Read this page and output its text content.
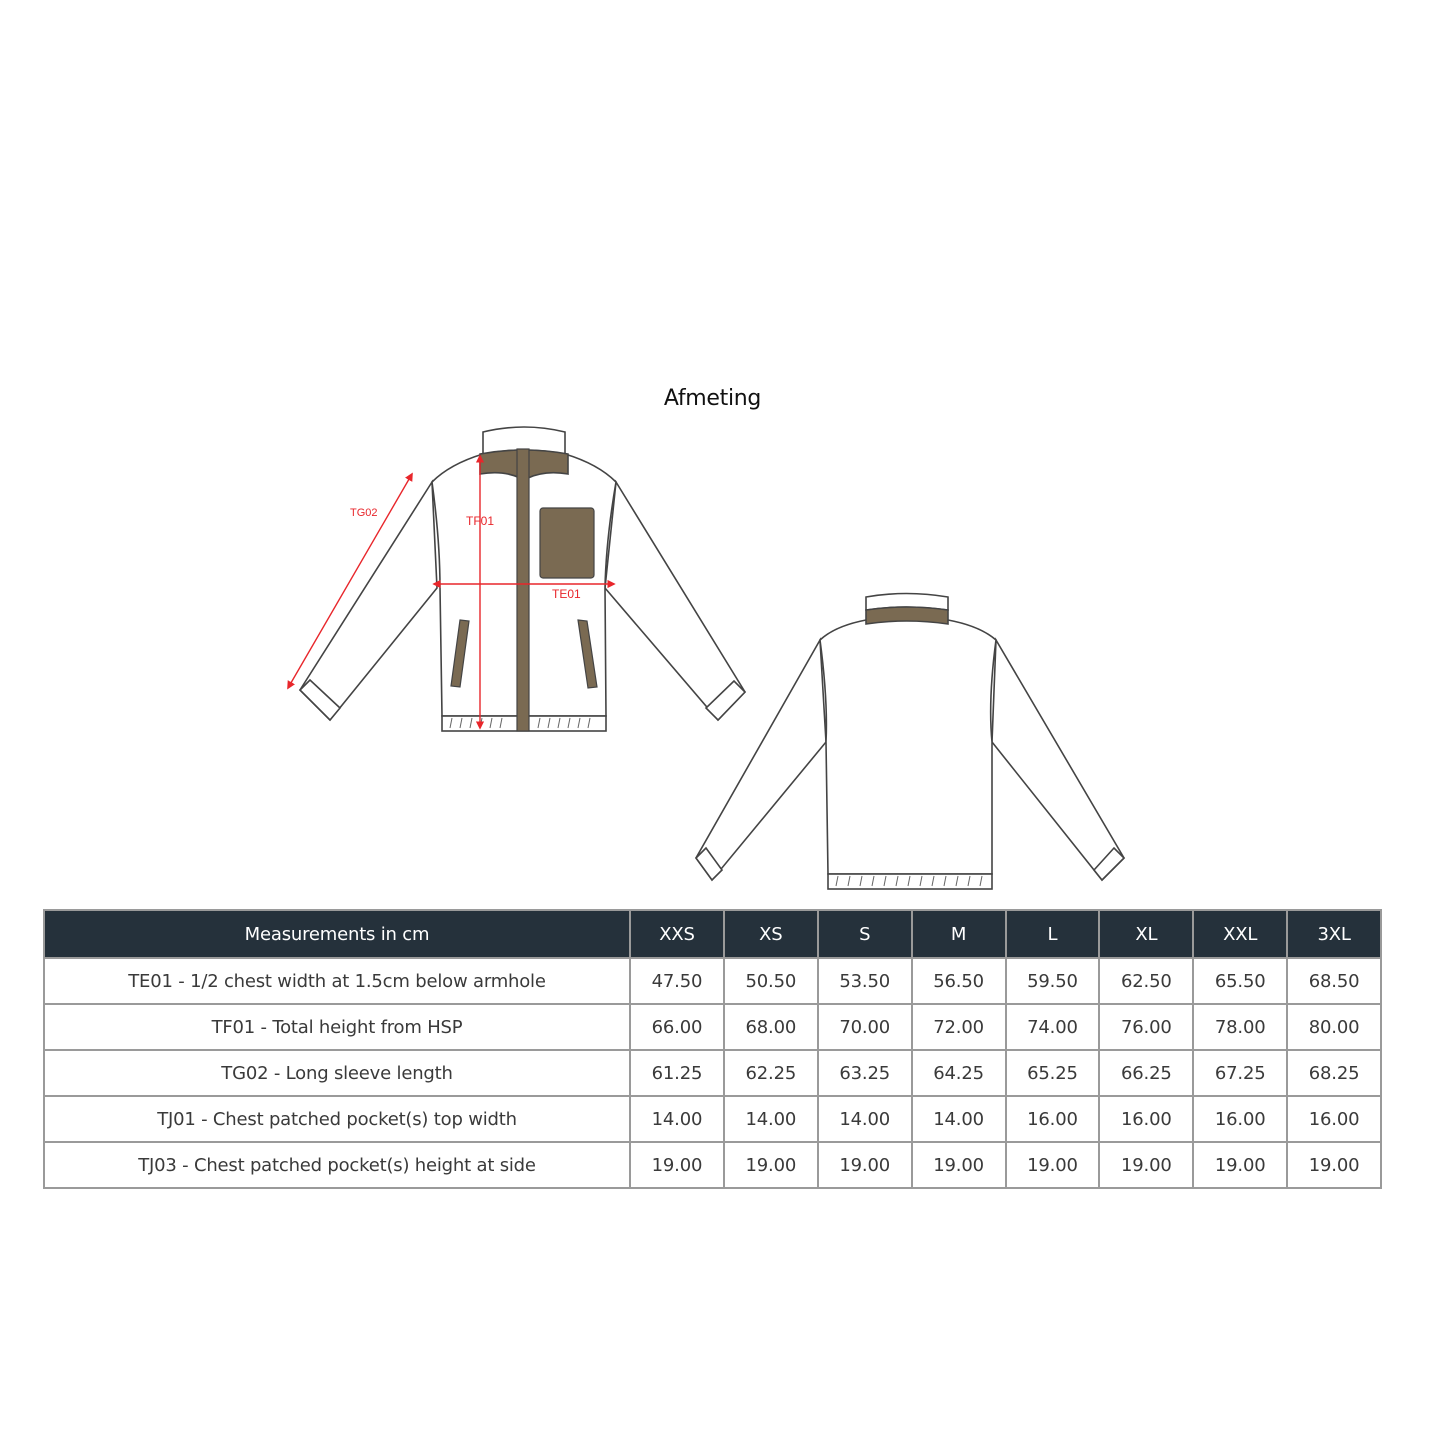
Afmeting
TG02
TF01
TE01
Measurements in cm	XXS	XS	S	M	L	XL	XXL	3XL
TE01 - 1/2 chest width at 1.5cm below armhole	47.50	50.50	53.50	56.50	59.50	62.50	65.50	68.50
TF01 - Total height from HSP	66.00	68.00	70.00	72.00	74.00	76.00	78.00	80.00
TG02 - Long sleeve length	61.25	62.25	63.25	64.25	65.25	66.25	67.25	68.25
TJ01 - Chest patched pocket(s) top width	14.00	14.00	14.00	14.00	16.00	16.00	16.00	16.00
TJ03 - Chest patched pocket(s) height at side	19.00	19.00	19.00	19.00	19.00	19.00	19.00	19.00
